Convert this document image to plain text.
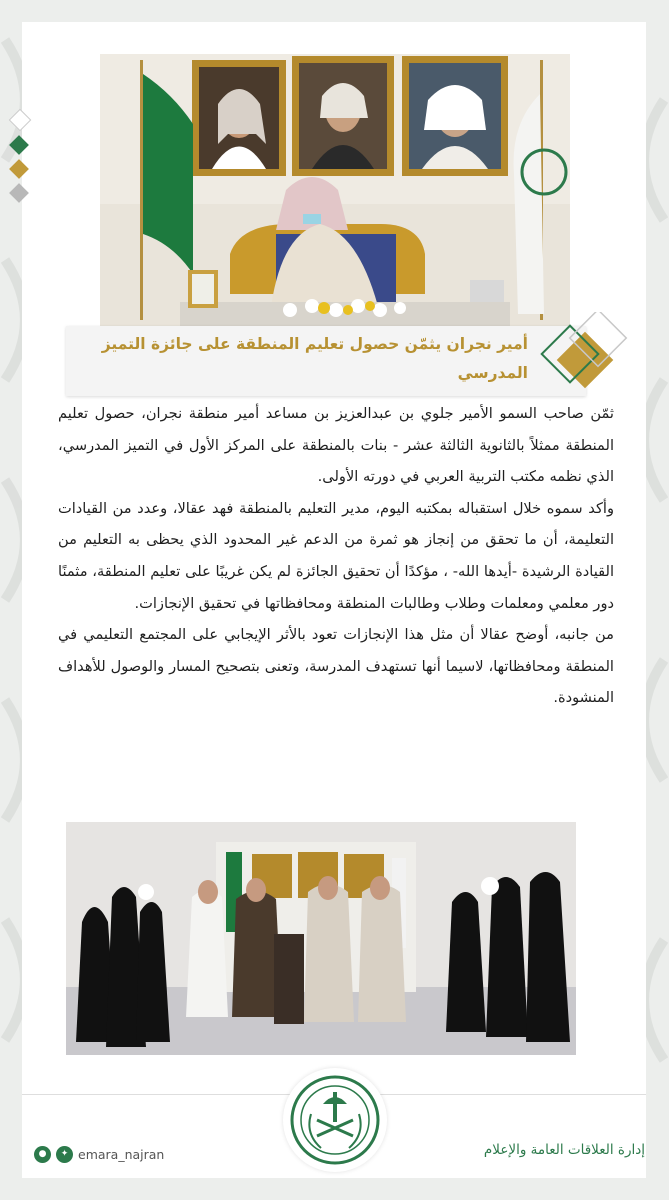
أمير نجران يثمّن حصول تعليم المنطقة على جائزة التميز المدرسي

ثمّن صاحب السمو الأمير جلوي بن عبدالعزيز بن مساعد أمير منطقة نجران، حصول تعليم المنطقة ممثلاً بالثانوية الثالثة عشر - بنات بالمنطقة على المركز الأول في التميز المدرسي، الذي نظمه مكتب التربية العربي في دورته الأولى.

وأكد سموه خلال استقباله بمكتبه اليوم، مدير التعليم بالمنطقة فهد عقالا، وعدد من القيادات التعليمة، أن ما تحقق من إنجاز هو ثمرة من الدعم غير المحدود الذي يحظى به التعليم من القيادة الرشيدة -أيدها الله- ، مؤكدًا أن تحقيق الجائزة لم يكن غريبًا على تعليم المنطقة، مثمنًا دور معلمي ومعلمات وطلاب وطالبات المنطقة ومحافظاتها في تحقيق الإنجازات.

من جانبه، أوضح عقالا أن مثل هذا الإنجازات تعود بالأثر الإيجابي على المجتمع التعليمي في المنطقة ومحافظاتها، لاسيما أنها تستهدف المدرسة، وتعنى بتصحيح المسار والوصول للأهداف المنشودة.

●	✦ emara_najran	إدارة العلاقات العامة والإعلام
